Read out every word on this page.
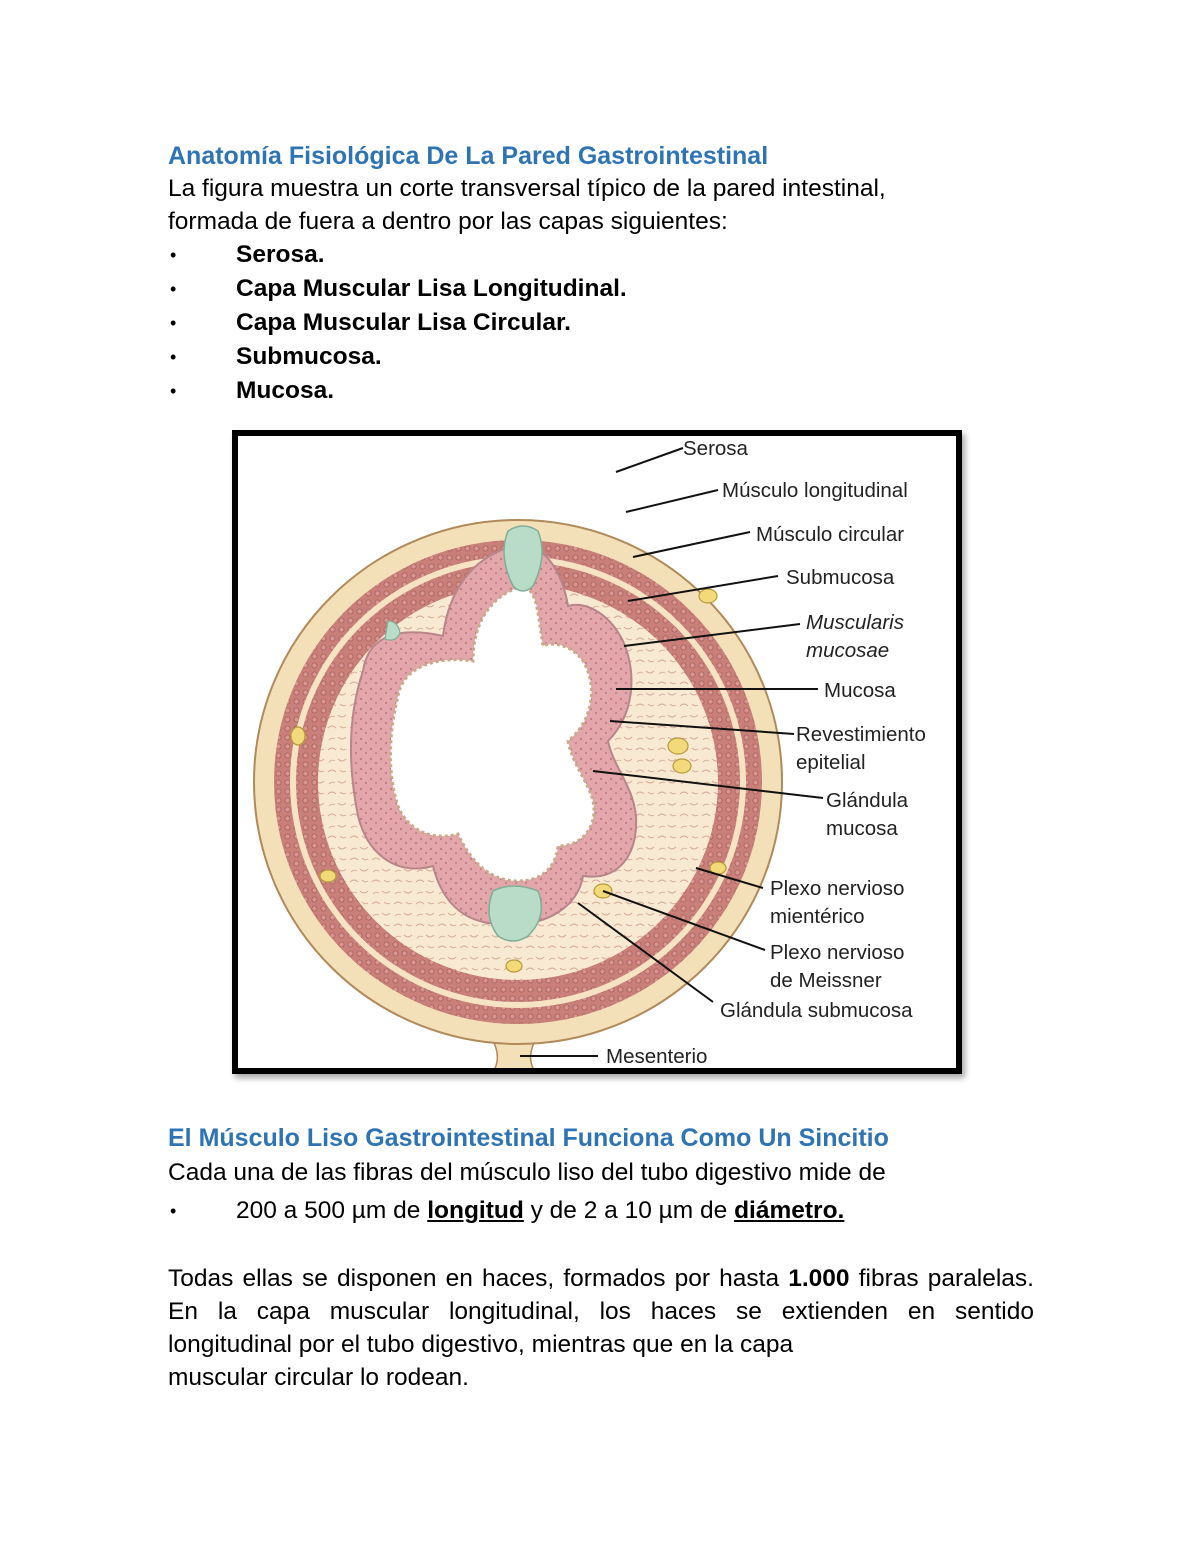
Anatomía Fisiológica De La Pared Gastrointestinal

La figura muestra un corte transversal típico de la pared intestinal,
formada de fuera a dentro por las capas siguientes:

• Serosa.
• Capa Muscular Lisa Longitudinal.
• Capa Muscular Lisa Circular.
• Submucosa.
• Mucosa.
Serosa
Músculo longitudinal
Músculo circular
Submucosa
Muscularis
mucosae
Mucosa
Revestimiento
epitelial
Glándula
mucosa
Plexo nervioso
mientérico
Plexo nervioso
de Meissner
Glándula submucosa
Mesenterio
El Músculo Liso Gastrointestinal Funciona Como Un Sincitio

Cada una de las fibras del músculo liso del tubo digestivo mide de

• 200 a 500 µm de longitud y de 2 a 10 µm de diámetro.

Todas ellas se disponen en haces, formados por hasta 1.000 fibras paralelas. En la capa muscular longitudinal, los haces se extienden en sentido longitudinal por el tubo digestivo, mientras que en la capa
muscular circular lo rodean.
